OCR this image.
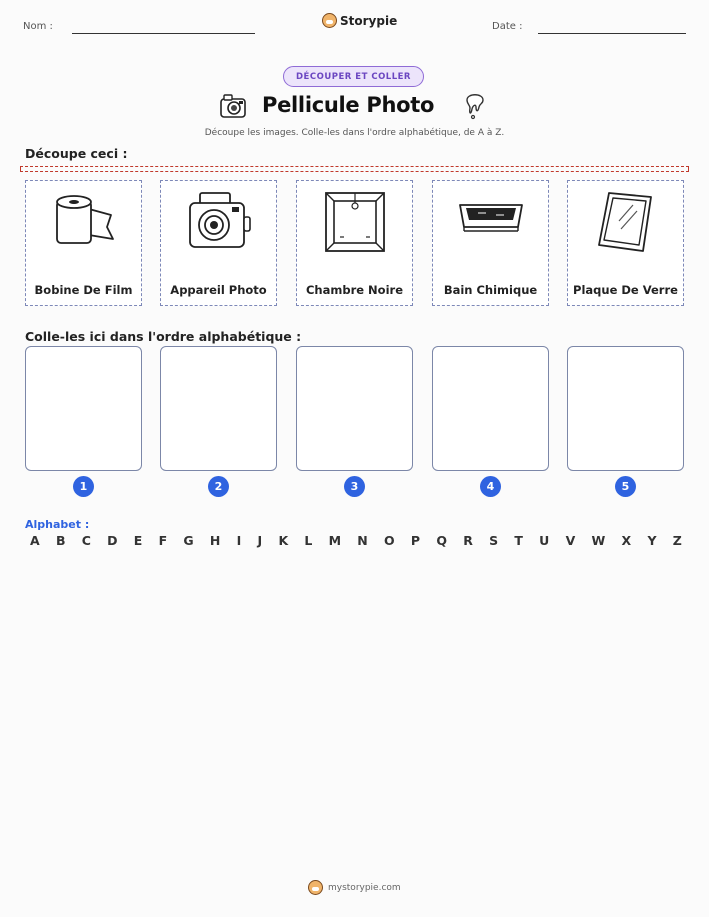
Nom :	Storypie	Date :
DÉCOUPER ET COLLER
Pellicule Photo
Découpe les images. Colle-les dans l'ordre alphabétique, de A à Z.
Découpe ceci :
Bobine De Film	Appareil Photo	Chambre Noire	Bain Chimique	Plaque De Verre
Colle-les ici dans l'ordre alphabétique :
1	2	3	4	5
Alphabet :
A B C D E F G H I J K L M N O P Q R S T U V W X Y Z
mystorypie.com
